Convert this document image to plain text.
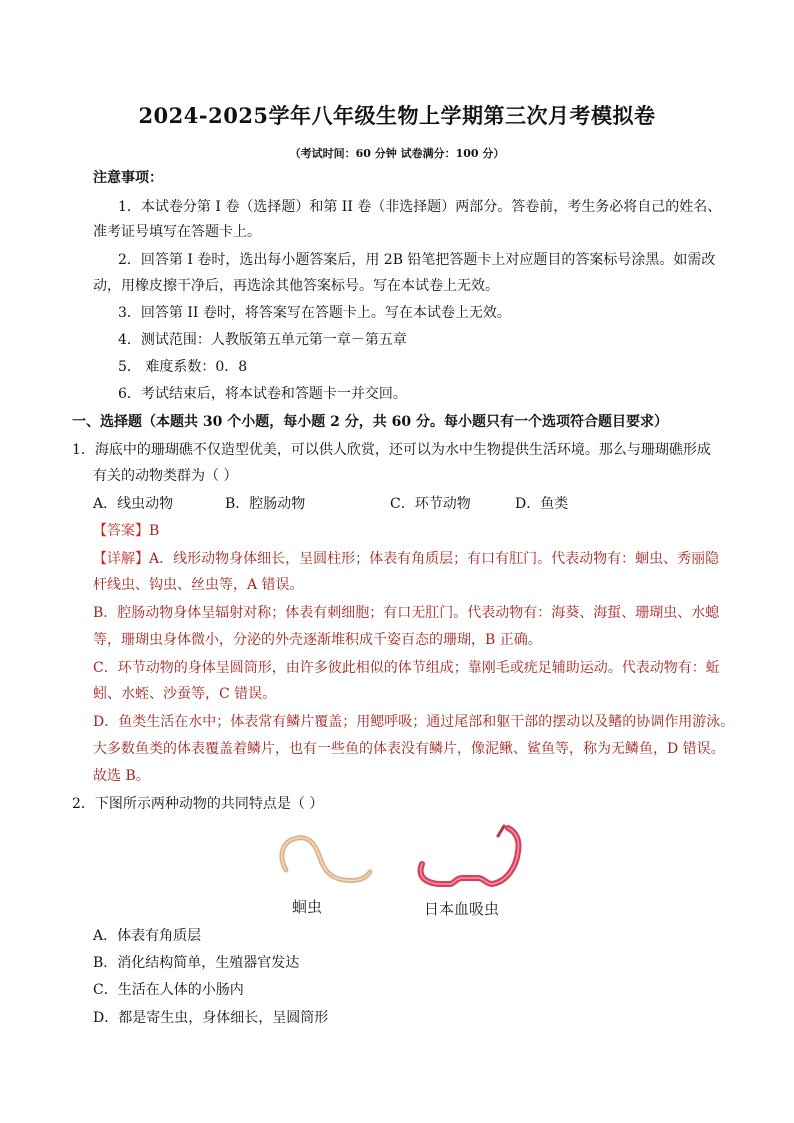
2024-2025学年八年级生物上学期第三次月考模拟卷
（考试时间：60 分钟 试卷满分：100 分）
注意事项：
1．本试卷分第 I 卷（选择题）和第 II 卷（非选择题）两部分。答卷前，考生务必将自己的姓名、
准考证号填写在答题卡上。
2．回答第 I 卷时，选出每小题答案后，用 2B 铅笔把答题卡上对应题目的答案标号涂黑。如需改
动，用橡皮擦干净后，再选涂其他答案标号。写在本试卷上无效。
3．回答第 II 卷时，将答案写在答题卡上。写在本试卷上无效。
4．测试范围：人教版第五单元第一章－第五章
5． 难度系数：0．8
6．考试结束后，将本试卷和答题卡一并交回。
一、选择题（本题共 30 个小题，每小题 2 分，共 60 分。每小题只有一个选项符合题目要求）
1．海底中的珊瑚礁不仅造型优美，可以供人欣赏，还可以为水中生物提供生活环境。那么与珊瑚礁形成
有关的动物类群为（ ）
A．线虫动物	B．腔肠动物	C．环节动物	D．鱼类
【答案】B
【详解】A．线形动物身体细长，呈圆柱形；体表有角质层；有口有肛门。代表动物有：蛔虫、秀丽隐
杆线虫、钩虫、丝虫等，A 错误。
B．腔肠动物身体呈辐射对称；体表有刺细胞；有口无肛门。代表动物有：海葵、海蜇、珊瑚虫、水螅
等，珊瑚虫身体微小，分泌的外壳逐渐堆积成千姿百态的珊瑚，B 正确。
C．环节动物的身体呈圆筒形，由许多彼此相似的体节组成；靠刚毛或疣足辅助运动。代表动物有：蚯
蚓、水蛭、沙蚕等，C 错误。
D．鱼类生活在水中；体表常有鳞片覆盖；用鳃呼吸；通过尾部和躯干部的摆动以及鳍的协调作用游泳。
大多数鱼类的体表覆盖着鳞片，也有一些鱼的体表没有鳞片，像泥鳅、鲨鱼等，称为无鳞鱼，D 错误。
故选 B。
2．下图所示两种动物的共同特点是（ ）
蛔虫	日本血吸虫
A．体表有角质层
B．消化结构简单，生殖器官发达
C．生活在人体的小肠内
D．都是寄生虫，身体细长，呈圆筒形
